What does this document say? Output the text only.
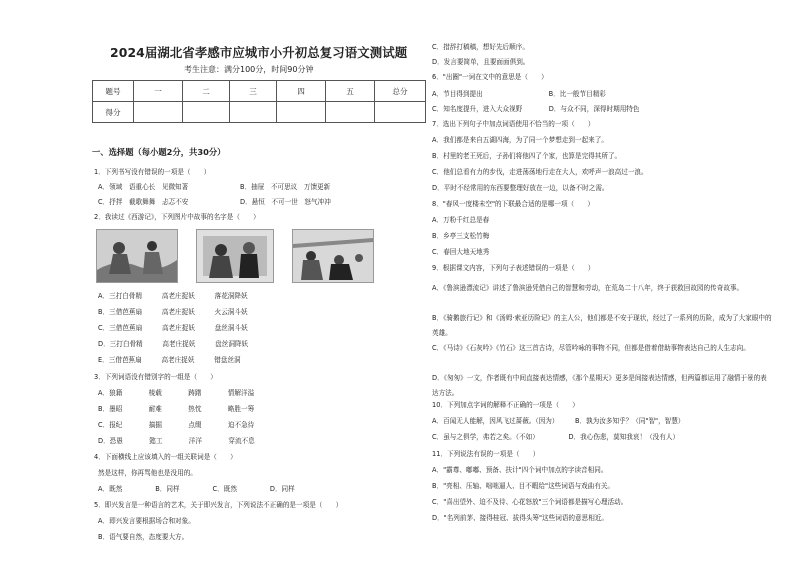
2024届湖北省孝感市应城市小升初总复习语文测试题
考生注意：满分100分，时间90分钟
题号	一	二	三	四	五	总分
得分						
一、选择题（每小题2分，共30分）
1．下列书写没有错误的一项是（　　）
A．领域　语重心长　见微知著	B．抽屉　不可思议　万馈更新
C．抒拌　截歌舞舞　忐忑不安	D．悬恒　不可一世　怒气冲冲
2．我读过《西游记》，下列图片中故事的名字是（　　）
A．三打白骨精　　　高老庄捉妖　　　落花洞降妖
B．三借芭蕉扇　　　高老庄捉妖　　　火云洞斗妖
C．三借芭蕉扇　　　高老庄捉妖　　　盘丝洞斗妖
D．三打白骨精　　　高老庄捉妖　　　盘丝洞降妖
E．三借芭蕉扇　　　高老庄捉妖　　　错盘丝洞
3．下列词语没有错别字的一组是（　　）
A．狼籍　　　　棱载　　　　踌躇　　　　情解洋溢
B．墨昭　　　　耐难　　　　热忱　　　　略胜一筹
C．报纪　　　　搞掘　　　　点缀　　　　迫不急待
D．恐愚　　　　懿工　　　　洋洋　　　　穿流不息
4．下面横线上应该填入的一组关联词是（　　）
然是这样，你再骂他也是没用的。
A．既然　　　　　B．同样　　　　　C．既然　　　　　D．同样
5．即兴发言是一种语言的艺术，关于即兴发言，下列说法不正确的是一项是（　　）
A．即兴发言要根据场合和对象。
B．语气要自然，态度要大方。
C．措辞打稿稿，想好先后顺序。
D．发言要简单，且要面面俱到。
6．"出圈"一词在文中的意思是（　　）
A．节目得到提出　　　　　　　　　　B．比一般节目精彩
C．知名度提升，进入大众视野　　　　D．与众不同，深得时期用特色
7．选出下列句子中加点词语使用不恰当的一项（　　）
A．我们都是来自五湖四海，为了同一个梦想走到一起来了。
B．村里的老王死后，子孙们将他四了个家，也算是完得其所了。
C．他们总看有力的步伐，走进荡荡地行走在大人，欢呼声一浪高过一浪。
D．平时不经常用的东西要整理好放在一边，以备不时之需。
8．"春风一度楼未空"的下联最合适的是哪一项（　　）
A．万粉千红总是春
B．乡亭三支松竹梅
C．春回大地天地秀
9．根据课文内容，下列句子表述错误的一项是（　　）
A．《鲁滨逊漂流记》讲述了鲁滨逊凭借自己的智慧和劳动，在荒岛二十八年，终于获救回故园的传奇故事。
B．《骑鹅旅行记》和《汤姆·索亚历险记》的主人公，他们都是不安于现状，经过了一系列的历险，成为了大家眼中的英雄。
C．《马诗》《石灰吟》《竹石》这三首古诗，尽管吟咏的事物不同，但都是借着借助事物表达自己的人生志向。
D．《匆匆》一文，作者既有中间直接表达情感，《那个星期天》更多是间接表达情感，但两篇都运用了融情于景的表达方法。
10．下列加点字词的解释不正确的一项是（　　）
A．百闻无人能解，因风飞过蔷薇。（因为）　　　B．孰为汝多知乎？（同"智"，智慧）
C．虽与之俱学，弗若之矣。（不如）　　　　　D．我心伤悲，莫知我哀！（没有人）
11．下列说法有误的一项是（　　）
A．"霸尊、嘟嘟、预备、扶计"四个词中加点的字读音相同。
B．"亮相、压轴、咄咄逼人、目不暇给"这些词语与戏曲有关。
C．"喜出望外、迫不及待、心花怒放"三个词语都是描写心理活动。
D．"名列前茅、接得桂冠、拔得头筹"这些词语的意思相近。
